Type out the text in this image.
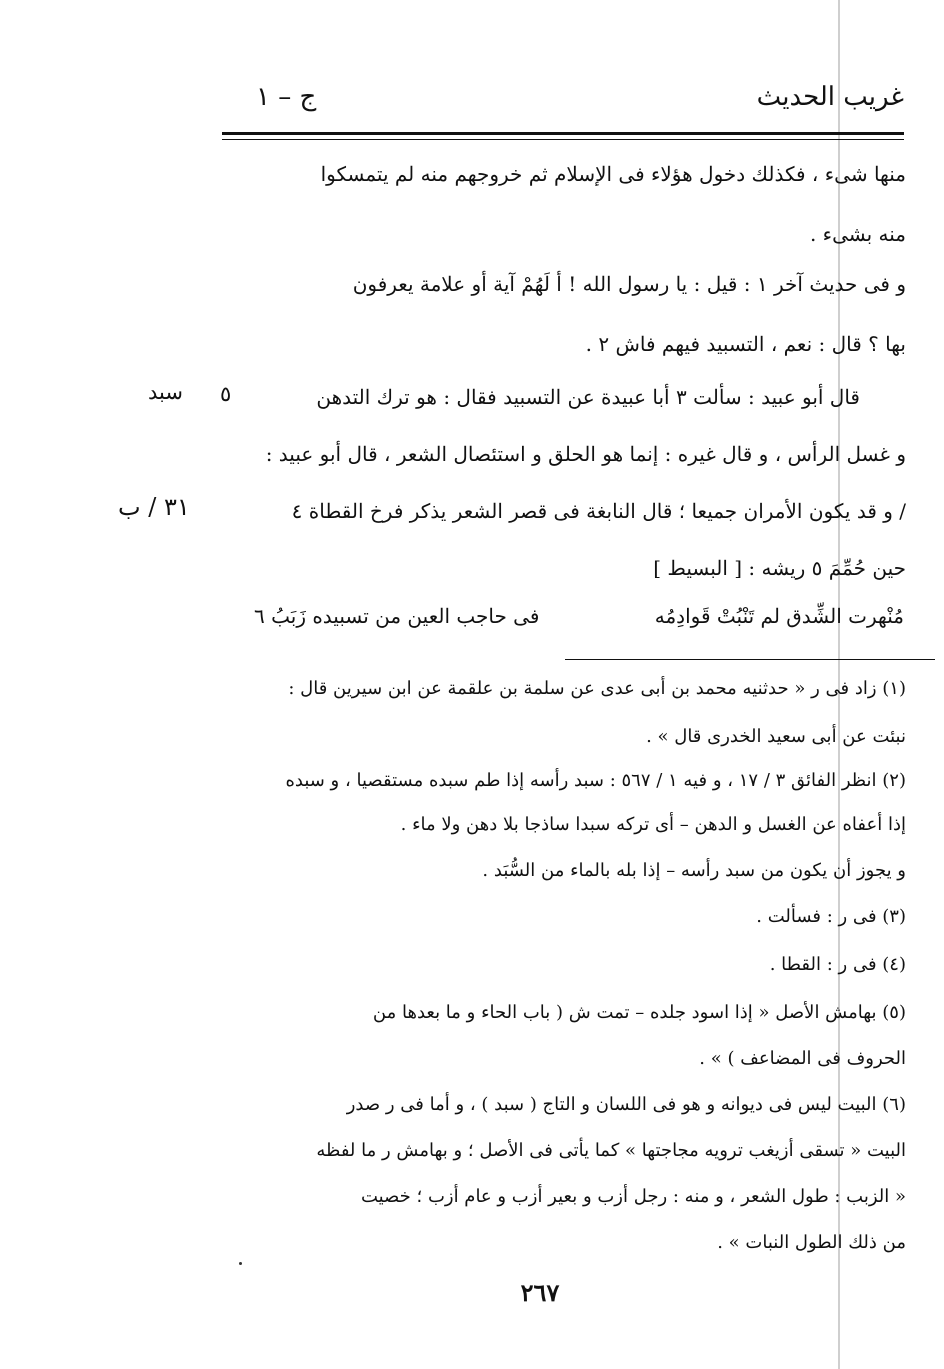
غريب الحديث
ج – ١
منها شىء ، فكذلك دخول هؤلاء فى الإسلام ثم خروجهم منه لم يتمسكوا
منه بشىء .
و فى حديث آخر ١ : قيل : يا رسول الله ! أ لَهُمْ آية أو علامة يعرفون
بها ؟ قال : نعم ، التسبيد فيهم فاش ٢ .
قال أبو عبيد : سألت ٣ أبا عبيدة عن التسبيد فقال : هو ترك التدهن
و غسل الرأس ، و قال غيره : إنما هو الحلق و استئصال الشعر ، قال أبو عبيد :
/ و قد يكون الأمران جميعا ؛ قال النابغة فى قصر الشعر يذكر فرخ القطاة ٤
حين حُمِّمَ ٥ ريشه : [ البسيط ]
٥
سبد
٣١ / ب
مُنْهرت الشِّدق لم تَنْبُتْ قَوادِمُه
فى حاجب العين من تسبيده زَبَبُ ٦
(١) زاد فى ر « حدثنيه محمد بن أبى عدى عن سلمة بن علقمة عن ابن سيرين قال :
نبئت عن أبى سعيد الخدرى قال » .
(٢) انظر الفائق ٣ / ١٧ ، و فيه ١ / ٥٦٧ : سبد رأسه إذا طم سبده مستقصيا ، و سبده
إذا أعفاه عن الغسل و الدهن – أى تركه سبدا ساذجا بلا دهن ولا ماء .
و يجوز أن يكون من سبد رأسه – إذا بله بالماء من السُّبَد .
(٣) فى ر : فسألت .
(٤) فى ر : القطا .
(٥) بهامش الأصل « إذا اسود جلده – تمت ش ( باب الحاء و ما بعدها من
الحروف فى المضاعف ) » .
(٦) البيت ليس فى ديوانه و هو فى اللسان و التاج ( سبد ) ، و أما فى ر صدر
البيت « تسقى أزيغب ترويه مجاجتها » كما يأتى فى الأصل ؛ و بهامش ر ما لفظه
« الزبب : طول الشعر ، و منه : رجل أزب و بعير أزب و عام أزب ؛ خصيت
من ذلك الطول النبات » .
٢٦٧
